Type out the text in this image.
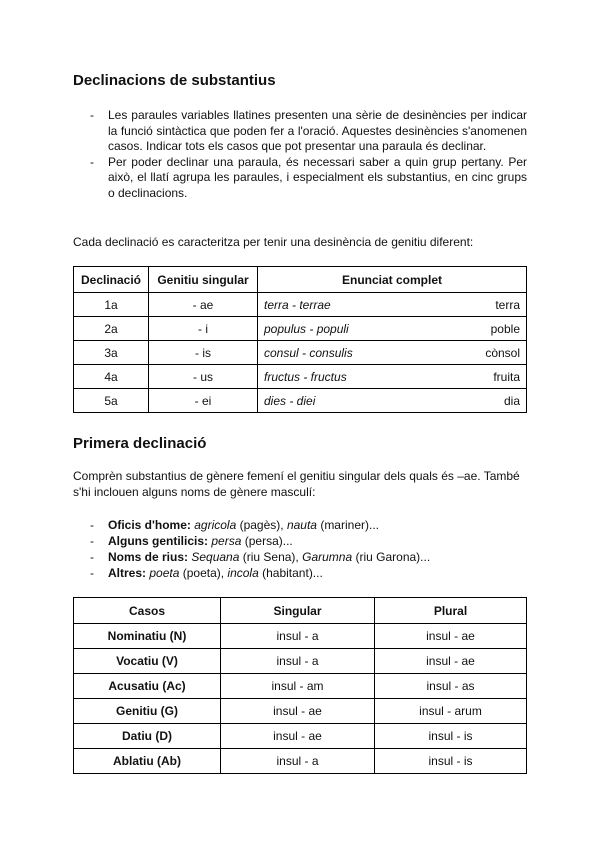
Declinacions de substantius
- Les paraules variables llatines presenten una sèrie de desinències per indicar la funció sintàctica que poden fer a l'oració. Aquestes desinències s'anomenen casos. Indicar tots els casos que pot presentar una paraula és declinar.
- Per poder declinar una paraula, és necessari saber a quin grup pertany. Per això, el llatí agrupa les paraules, i especialment els substantius, en cinc grups o declinacions.

Cada declinació es caracteritza per tenir una desinència de genitiu diferent:

Declinació	Genitiu singular	Enunciat complet
1a	- ae	terra - terrae terra

2a	- i	populus - populi poble

3a	- is	consul - consulis cònsol

4a	- us	fructus - fructus fruita

5a	- ei	dies - diei dia
Primera declinació

Comprèn substantius de gènere femení el genitiu singular dels quals és –ae. També s'hi inclouen alguns noms de gènere masculí:

- Oficis d'home: agricola (pagès), nauta (mariner)...
- Alguns gentilicis: persa (persa)...
- Noms de rius: Sequana (riu Sena), Garumna (riu Garona)...
- Altres: poeta (poeta), incola (habitant)...
Casos	Singular	Plural
Nominatiu (N)	insul - a	insul - ae
Vocatiu (V)	insul - a	insul - ae
Acusatiu (Ac)	insul - am	insul - as
Genitiu (G)	insul - ae	insul - arum
Datiu (D)	insul - ae	insul - is
Ablatiu (Ab)	insul - a	insul - is
